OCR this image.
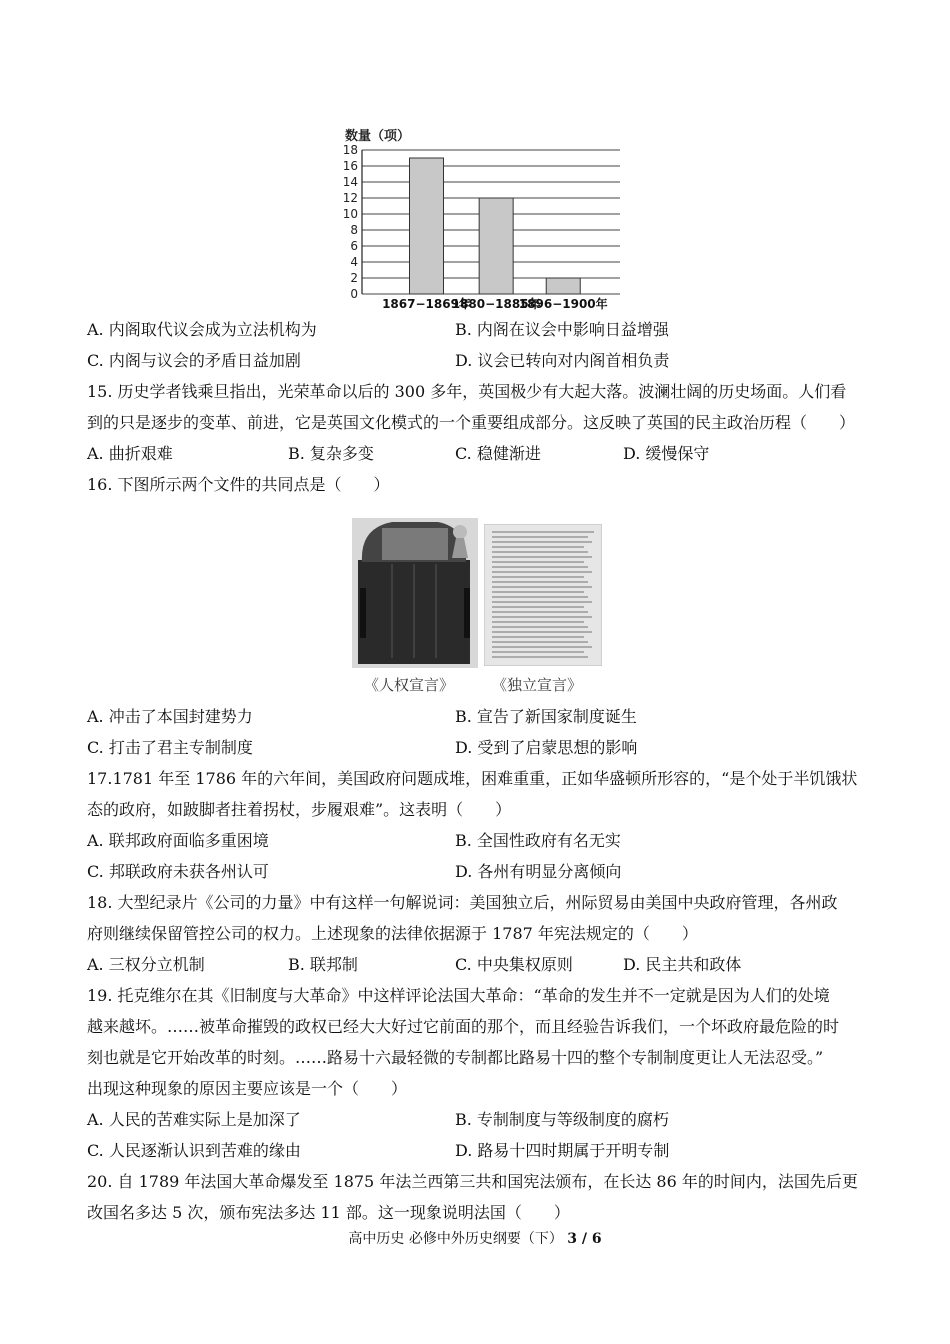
数量（项）
0
2
4
6
8
10
12
14
16
18
1867−1869年
1880−1885年
1896−1900年
A. 内阁取代议会成为立法机构为	B. 内阁在议会中影响日益增强
C. 内阁与议会的矛盾日益加剧	D. 议会已转向对内阁首相负责
15. 历史学者钱乘旦指出，光荣革命以后的 300 多年，英国极少有大起大落。波澜壮阔的历史场面。人们看
到的只是逐步的变革、前进，它是英国文化模式的一个重要组成部分。这反映了英国的民主政治历程（　　）
A. 曲折艰难	B. 复杂多变	C. 稳健渐进	D. 缓慢保守
16. 下图所示两个文件的共同点是（　　）
《人权宣言》	《独立宣言》
A. 冲击了本国封建势力	B. 宣告了新国家制度诞生
C. 打击了君主专制制度	D. 受到了启蒙思想的影响
17.1781 年至 1786 年的六年间，美国政府问题成堆，困难重重，正如华盛顿所形容的，“是个处于半饥饿状
态的政府，如跛脚者拄着拐杖，步履艰难”。这表明（　　）
A. 联邦政府面临多重困境	B. 全国性政府有名无实
C. 邦联政府未获各州认可	D. 各州有明显分离倾向
18. 大型纪录片《公司的力量》中有这样一句解说词：美国独立后，州际贸易由美国中央政府管理，各州政
府则继续保留管控公司的权力。上述现象的法律依据源于 1787 年宪法规定的（　　）
A. 三权分立机制	B. 联邦制	C. 中央集权原则	D. 民主共和政体
19. 托克维尔在其《旧制度与大革命》中这样评论法国大革命：“革命的发生并不一定就是因为人们的处境
越来越坏。……被革命摧毁的政权已经大大好过它前面的那个，而且经验告诉我们，一个坏政府最危险的时
刻也就是它开始改革的时刻。……路易十六最轻微的专制都比路易十四的整个专制制度更让人无法忍受。”
出现这种现象的原因主要应该是一个（　　）
A. 人民的苦难实际上是加深了	B. 专制制度与等级制度的腐朽
C. 人民逐渐认识到苦难的缘由	D. 路易十四时期属于开明专制
20. 自 1789 年法国大革命爆发至 1875 年法兰西第三共和国宪法颁布，在长达 86 年的时间内，法国先后更
改国名多达 5 次，颁布宪法多达 11 部。这一现象说明法国（　　）
高中历史 必修中外历史纲要（下） 3 / 6
